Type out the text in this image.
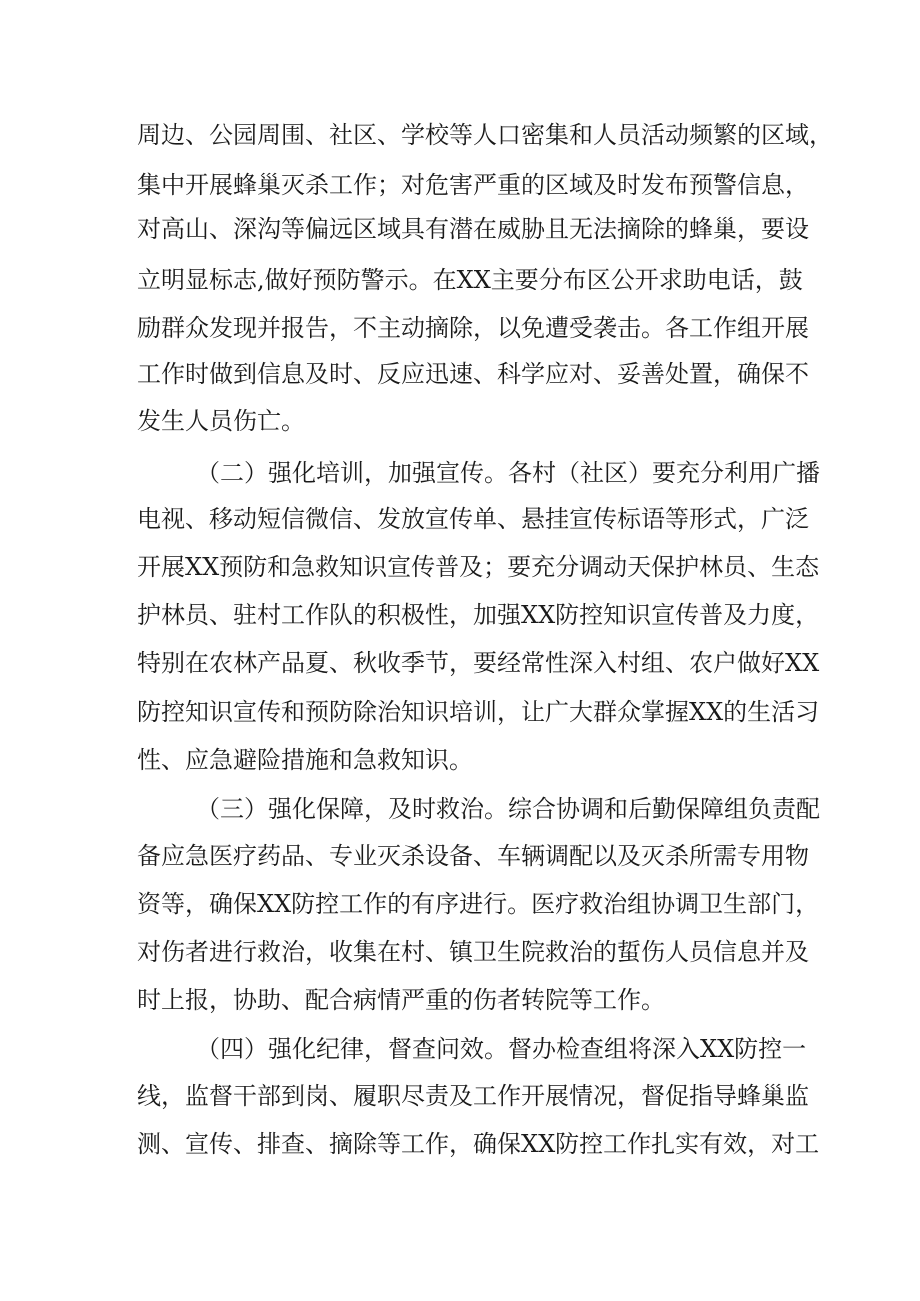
周边、公园周围、社区、学校等人口密集和人员活动频繁的区域，
集中开展蜂巢灭杀工作；对危害严重的区域及时发布预警信息，
对高山、深沟等偏远区域具有潜在威胁且无法摘除的蜂巢，要设
立明显标志,做好预防警示。在XX主要分布区公开求助电话，鼓
励群众发现并报告，不主动摘除，以免遭受袭击。各工作组开展
工作时做到信息及时、反应迅速、科学应对、妥善处置，确保不
发生人员伤亡。
（二）强化培训，加强宣传。各村（社区）要充分利用广播
电视、移动短信微信、发放宣传单、悬挂宣传标语等形式，广泛
开展XX预防和急救知识宣传普及；要充分调动天保护林员、生态
护林员、驻村工作队的积极性，加强XX防控知识宣传普及力度，
特别在农林产品夏、秋收季节，要经常性深入村组、农户做好XX
防控知识宣传和预防除治知识培训，让广大群众掌握XX的生活习
性、应急避险措施和急救知识。
（三）强化保障，及时救治。综合协调和后勤保障组负责配
备应急医疗药品、专业灭杀设备、车辆调配以及灭杀所需专用物
资等，确保XX防控工作的有序进行。医疗救治组协调卫生部门，
对伤者进行救治，收集在村、镇卫生院救治的蜇伤人员信息并及
时上报，协助、配合病情严重的伤者转院等工作。
（四）强化纪律，督查问效。督办检查组将深入XX防控一
线，监督干部到岗、履职尽责及工作开展情况，督促指导蜂巢监
测、宣传、排查、摘除等工作，确保XX防控工作扎实有效，对工
